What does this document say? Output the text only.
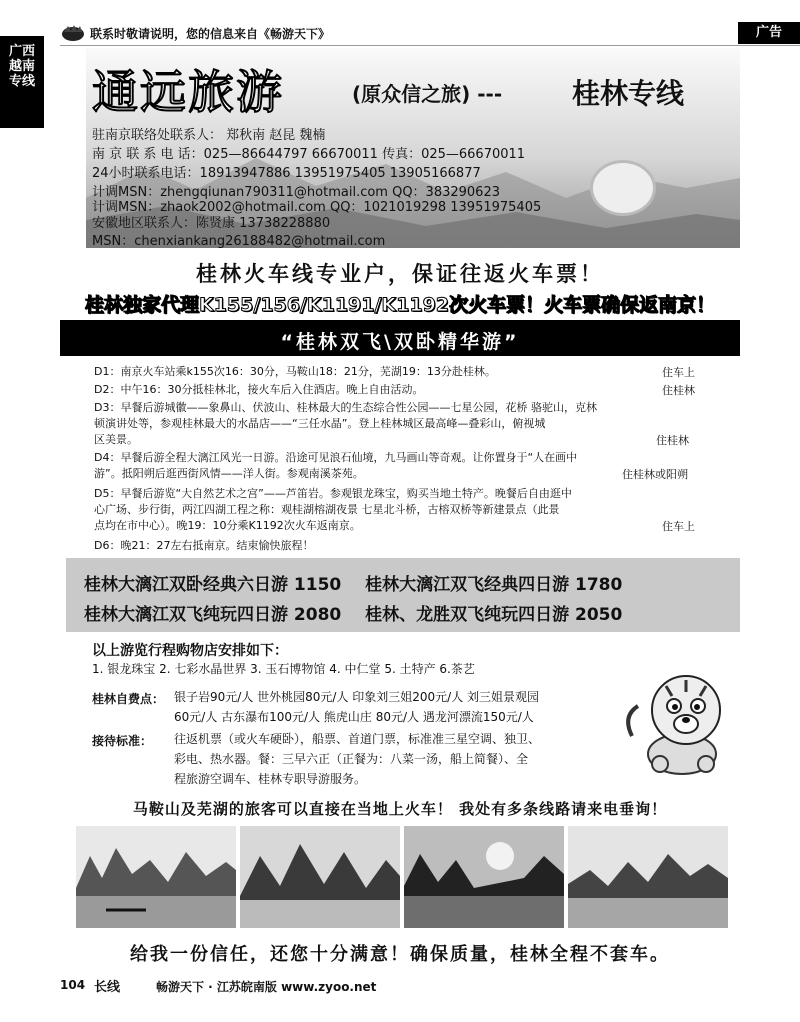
联系时敬请说明，您的信息来自《畅游天下》	广告
广西
越南
专线 通远旅游	(原众信之旅) --- 桂林专线
驻南京联络处联系人： 郑秋南 赵昆 魏楠
南 京 联 系 电 话：025—86644797 66670011 传真：025—66670011
24小时联系电话：18913947886 13951975405 13905166877
计调MSN：zhengqiunan790311@hotmail.com QQ：383290623
计调MSN：zhaok2002@hotmail.com QQ：1021019298 13951975405
安徽地区联系人：陈贤康 13738228880
MSN：chenxiankang26188482@hotmail.com
桂林火车线专业户，保证往返火车票！
桂林独家代理K155/156/K1191/K1192次火车票！火车票确保返南京！
“桂林双飞\双卧精华游”
D1：南京火车站乘k155次16：30分，马鞍山18：21分，芜湖19：13分赴桂林。	住车上
D2：中午16：30分抵桂林北，接火车后入住酒店。晚上自由活动。	住桂林
D3：早餐后游城徽——象鼻山、伏波山、桂林最大的生态综合性公园——七星公园，花桥 骆驼山，克林
顿演讲处等，参观桂林最大的水晶店——“三任水晶”。登上桂林城区最高峰—叠彩山，俯视城
区美景。	住桂林
D4：早餐后游全程大漓江风光一日游。沿途可见浪石仙境，九马画山等奇观。让你置身于“人在画中
游”。抵阳朔后逛西街风情——洋人街。参观南溪茶苑。	住桂林或阳朔
D5：早餐后游览“大自然艺术之宫”——芦笛岩。参观银龙珠宝，购买当地土特产。晚餐后自由逛中
心广场、步行街，两江四湖工程之称：观桂湖榕湖夜景 七星北斗桥，古榕双桥等新建景点（此景
点均在市中心）。晚19：10分乘K1192次火车返南京。	住车上
D6：晚21：27左右抵南京。结束愉快旅程！
桂林大漓江双卧经典六日游 1150 桂林大漓江双飞经典四日游 1780
桂林大漓江双飞纯玩四日游 2080 桂林、龙胜双飞纯玩四日游 2050
以上游览行程购物店安排如下：
1. 银龙珠宝 2. 七彩水晶世界 3. 玉石博物馆 4. 中仁堂 5. 土特产 6.茶艺
桂林自费点： 银子岩90元/人 世外桃园80元/人 印象刘三姐200元/人 刘三姐景观园
60元/人 古东瀑布100元/人 熊虎山庄 80元/人 遇龙河漂流150元/人
接待标准： 往返机票（或火车硬卧），船票、首道门票，标准准三星空调、独卫、
彩电、热水器。餐：三早六正（正餐为：八菜一汤，船上简餐）、全
程旅游空调车、桂林专职导游服务。
马鞍山及芜湖的旅客可以直接在当地上火车！ 我处有多条线路请来电垂询！
给我一份信任，还您十分满意！确保质量，桂林全程不套车。
104 长线	畅游天下 · 江苏皖南版 www.zyoo.net
